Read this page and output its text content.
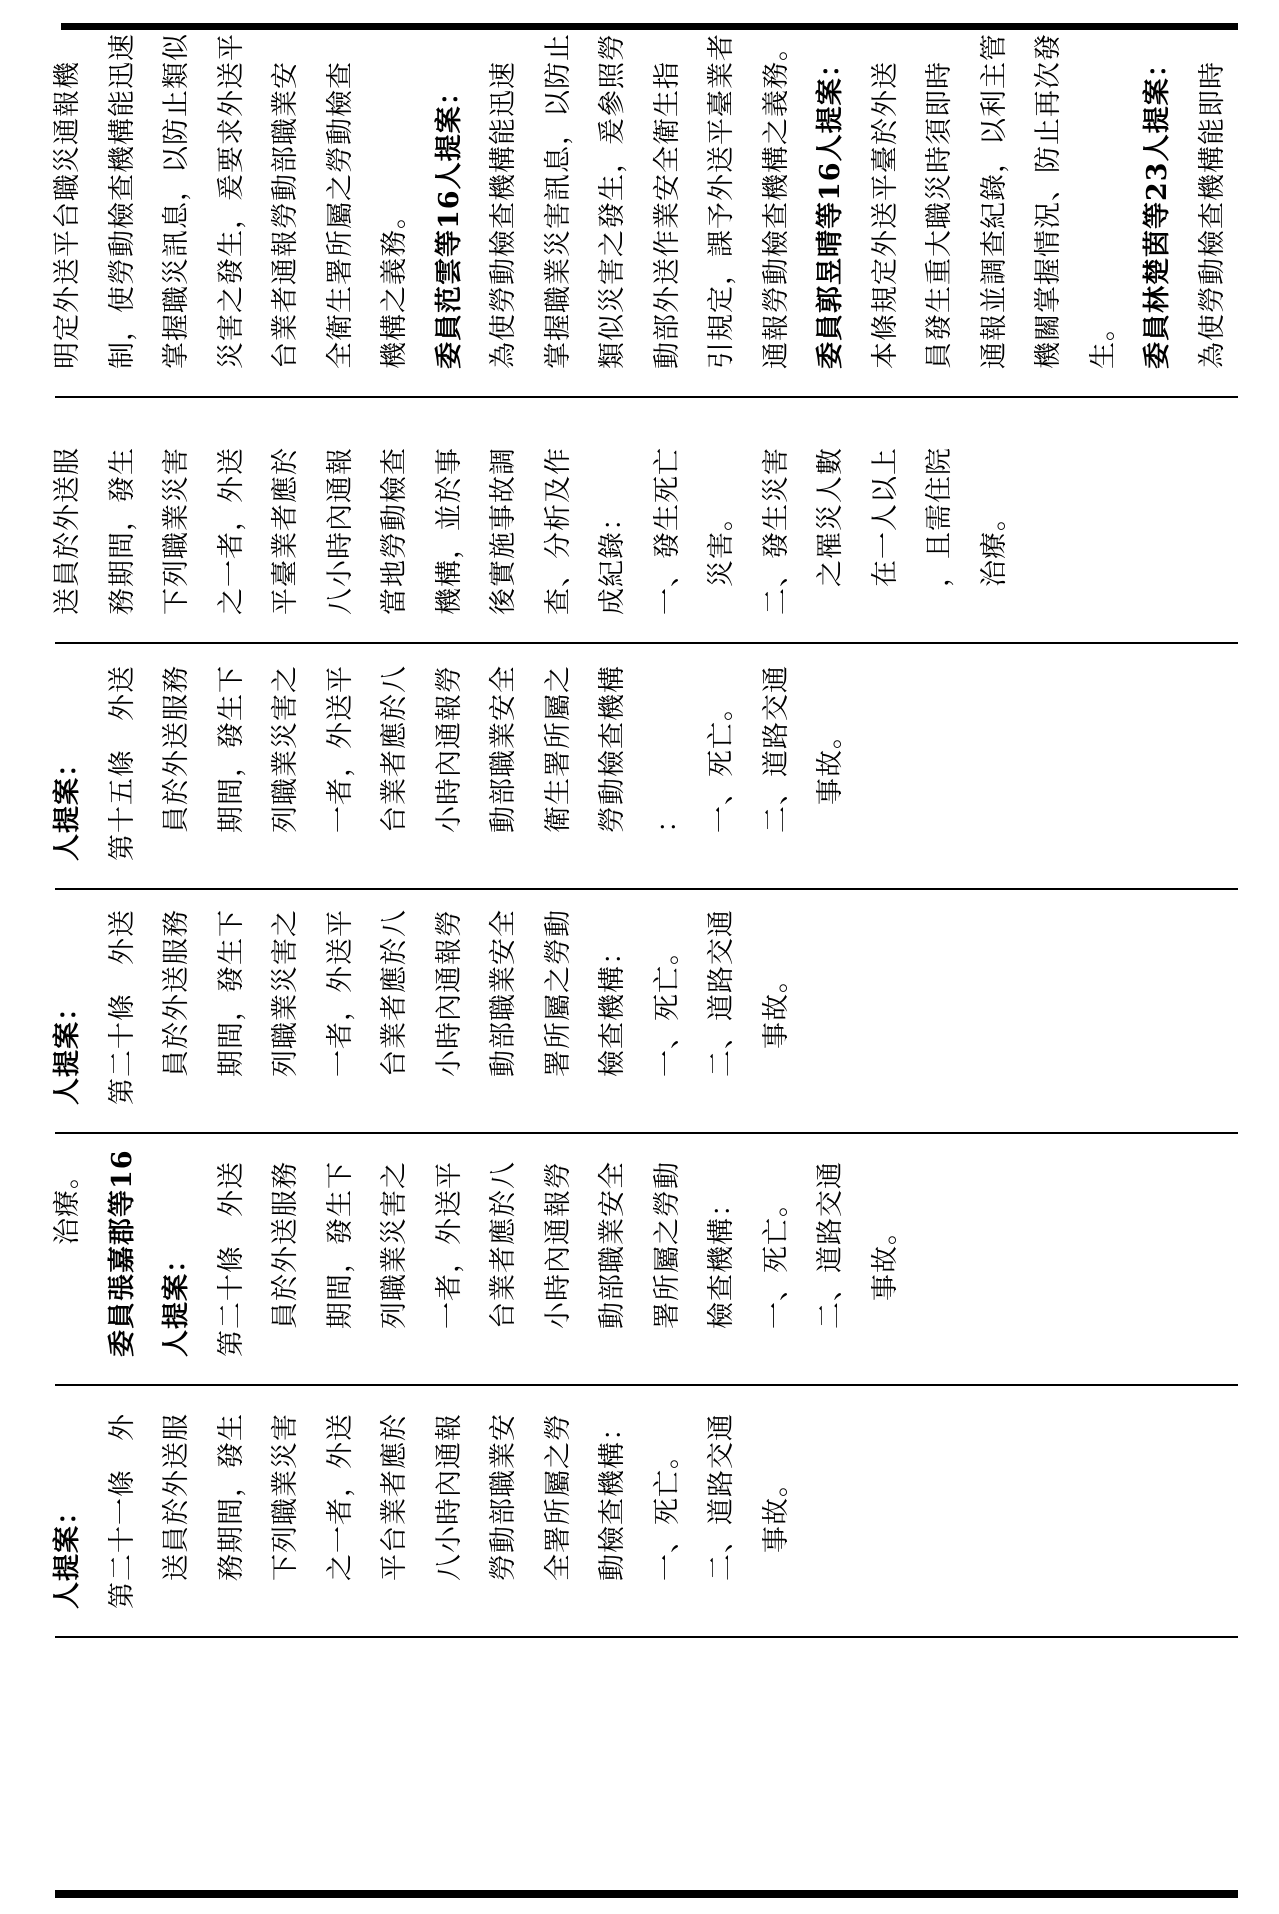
明定外送平台職災通報機 制，使勞動檢查機構能迅速 掌握職災訊息，以防止類似 災害之發生，爰要求外送平 台業者通報勞動部職業安 全衛生署所屬之勞動檢查 機構之義務。 委員范雲等16人提案： 為使勞動檢查機構能迅速 掌握職業災害訊息，以防止 類似災害之發生，爰參照勞 動部外送作業安全衛生指 引規定，課予外送平臺業者 通報勞動檢查機構之義務。 委員郭昱晴等16人提案： 本條規定外送平臺於外送 員發生重大職災時須即時 通報並調查紀錄，以利主管 機關掌握情況、防止再次發 生。 委員林楚茵等23人提案： 為使勞動檢查機構能即時
送員於外送服 務期間，發生 下列職業災害 之一者，外送 平臺業者應於 八小時內通報 當地勞動檢查 機構，並於事 後實施事故調 查、分析及作 成紀錄： 一、發生死亡 　災害。 二、發生災害 　之罹災人數 　在一人以上 　，且需住院 　治療。
人提案： 第十五條　外送 　員於外送服務 　期間，發生下 　列職業災害之 　一者，外送平 　台業者應於八 　小時內通報勞 　動部職業安全 　衛生署所屬之 　勞動檢查機構 　： 　一、死亡。 　二、道路交通 　　事故。
人提案： 第二十條　外送 　員於外送服務 　期間，發生下 　列職業災害之 　一者，外送平 　台業者應於八 　小時內通報勞 　動部職業安全 　署所屬之勞動 　檢查機構： 　一、死亡。 　二、道路交通 　　事故。
　　　　治療。 委員張嘉郡等16 人提案： 第二十條　外送 　員於外送服務 　期間，發生下 　列職業災害之 　一者，外送平 　台業者應於八 　小時內通報勞 　動部職業安全 　署所屬之勞動 　檢查機構： 　一、死亡。 　二、道路交通 　　事故。
人提案： 第二十一條　外 　送員於外送服 　務期間，發生 　下列職業災害 　之一者，外送 　平台業者應於 　八小時內通報 　勞動部職業安 　全署所屬之勞 　動檢查機構： 　一、死亡。 　二、道路交通 　　事故。
